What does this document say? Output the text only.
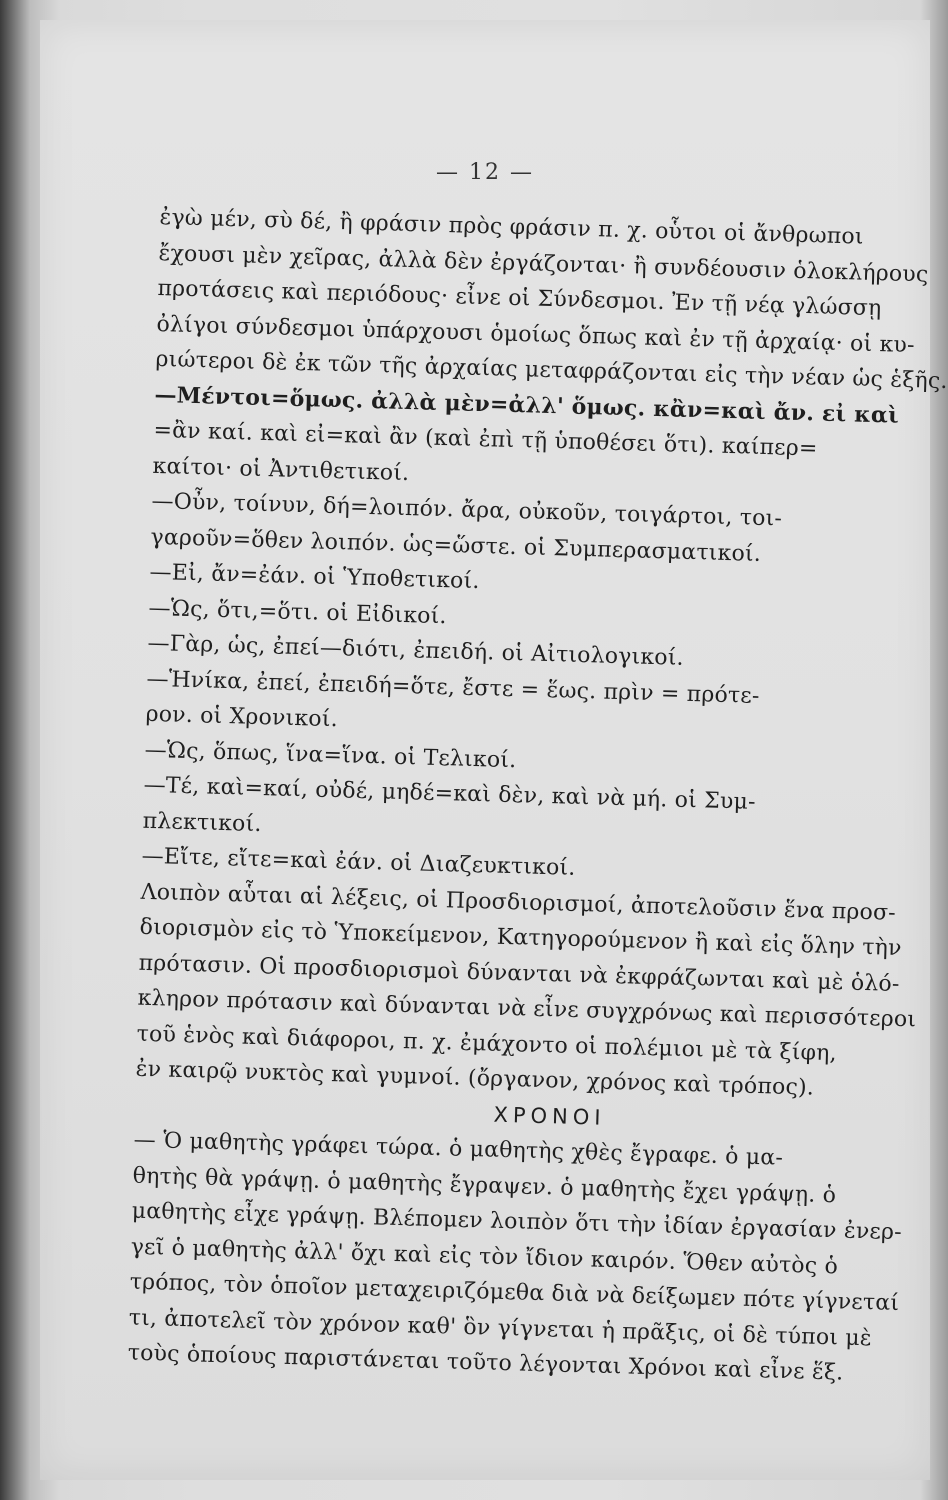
— 12 —
ἐγὼ μέν, σὺ δέ, ἢ φράσιν πρὸς φράσιν π. χ. οὗτοι οἱ ἄνθρωποι
ἔχουσι μὲν χεῖρας, ἀλλὰ δὲν ἐργάζονται· ἢ συνδέουσιν ὁλοκλήρους
προτάσεις καὶ περιόδους· εἶνε οἱ Σύνδεσμοι. Ἐν τῇ νέᾳ γλώσσῃ
ὀλίγοι σύνδεσμοι ὑπάρχουσι ὁμοίως ὅπως καὶ ἐν τῇ ἀρχαίᾳ· οἱ κυ-
ριώτεροι δὲ ἐκ τῶν τῆς ἀρχαίας μεταφράζονται εἰς τὴν νέαν ὡς ἑξῆς.
—Μέντοι=ὅμως. ἀλλὰ μὲν=ἀλλ' ὅμως. κἂν=καὶ ἄν. εἰ καὶ
=ἂν καί. καὶ εἰ=καὶ ἂν (καὶ ἐπὶ τῇ ὑποθέσει ὅτι). καίπερ=
καίτοι· οἱ Ἀντιθετικοί.
—Οὖν, τοίνυν, δή=λοιπόν. ἄρα, οὐκοῦν, τοιγάρτοι, τοι-
γαροῦν=ὅθεν λοιπόν. ὡς=ὥστε. οἱ Συμπερασματικοί.
—Εἰ, ἄν=ἐάν. οἱ Ὑποθετικοί.
—Ὡς, ὅτι,=ὅτι. οἱ Εἰδικοί.
—Γὰρ, ὡς, ἐπεί—διότι, ἐπειδή. οἱ Αἰτιολογικοί.
—Ἡνίκα, ἐπεί, ἐπειδή=ὅτε, ἔστε = ἕως. πρὶν = πρότε-
ρον. οἱ Χρονικοί.
—Ὡς, ὅπως, ἵνα=ἵνα. οἱ Τελικοί.
—Τέ, καὶ=καί, οὐδέ, μηδέ=καὶ δὲν, καὶ νὰ μή. οἱ Συμ-
πλεκτικοί.
—Εἴτε, εἴτε=καὶ ἐάν. οἱ Διαζευκτικοί.
Λοιπὸν αὗται αἱ λέξεις, οἱ Προσδιορισμοί, ἀποτελοῦσιν ἕνα προσ-
διορισμὸν εἰς τὸ Ὑποκείμενον, Κατηγορούμενον ἢ καὶ εἰς ὅλην τὴν
πρότασιν. Οἱ προσδιορισμοὶ δύνανται νὰ ἐκφράζωνται καὶ μὲ ὁλό-
κληρον πρότασιν καὶ δύνανται νὰ εἶνε συγχρόνως καὶ περισσότεροι
τοῦ ἑνὸς καὶ διάφοροι, π. χ. ἐμάχοντο οἱ πολέμιοι μὲ τὰ ξίφη,
ἐν καιρῷ νυκτὸς καὶ γυμνοί. (ὄργανον, χρόνος καὶ τρόπος).
ΧΡΟΝΟΙ
— Ὁ μαθητὴς γράφει τώρα. ὁ μαθητὴς χθὲς ἔγραφε. ὁ μα-
θητὴς θὰ γράψῃ. ὁ μαθητὴς ἔγραψεν. ὁ μαθητὴς ἔχει γράψῃ. ὁ
μαθητὴς εἶχε γράψῃ. Βλέπομεν λοιπὸν ὅτι τὴν ἰδίαν ἐργασίαν ἐνερ-
γεῖ ὁ μαθητὴς ἀλλ' ὄχι καὶ εἰς τὸν ἴδιον καιρόν. Ὅθεν αὐτὸς ὁ
τρόπος, τὸν ὁποῖον μεταχειριζόμεθα διὰ νὰ δείξωμεν πότε γίγνεταί
τι, ἀποτελεῖ τὸν χρόνον καθ' ὃν γίγνεται ἡ πρᾶξις, οἱ δὲ τύποι μὲ
τοὺς ὁποίους παριστάνεται τοῦτο λέγονται Χρόνοι καὶ εἶνε ἕξ.
